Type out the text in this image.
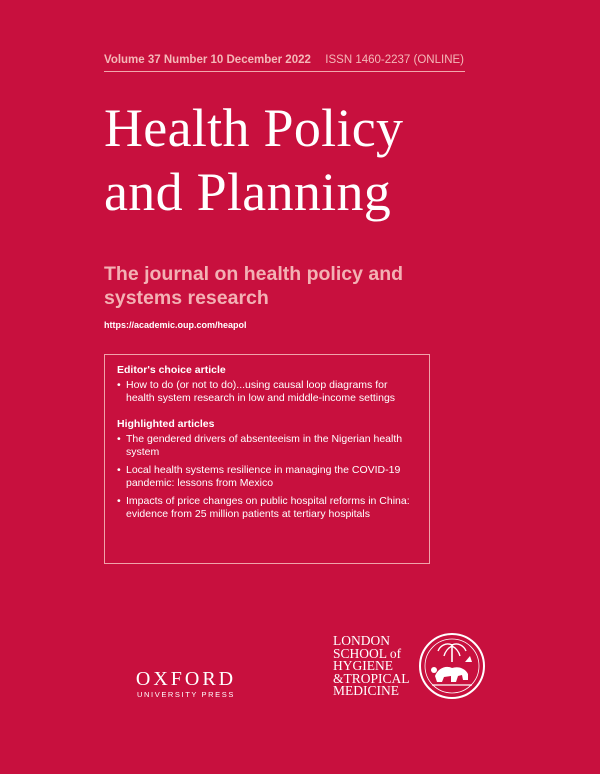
Volume 37 Number 10 December 2022 ISSN 1460-2237 (ONLINE)
Health Policy
and Planning
The journal on health policy and systems research
https://academic.oup.com/heapol
Editor's choice article
• How to do (or not to do)...using causal loop diagrams for health system research in low and middle-income settings
Highlighted articles
• The gendered drivers of absenteeism in the Nigerian health system
• Local health systems resilience in managing the COVID-19 pandemic: lessons from Mexico
• Impacts of price changes on public hospital reforms in China: evidence from 25 million patients at tertiary hospitals
OXFORD
UNIVERSITY PRESS
LONDON
SCHOOL of
HYGIENE
&TROPICAL
MEDICINE
